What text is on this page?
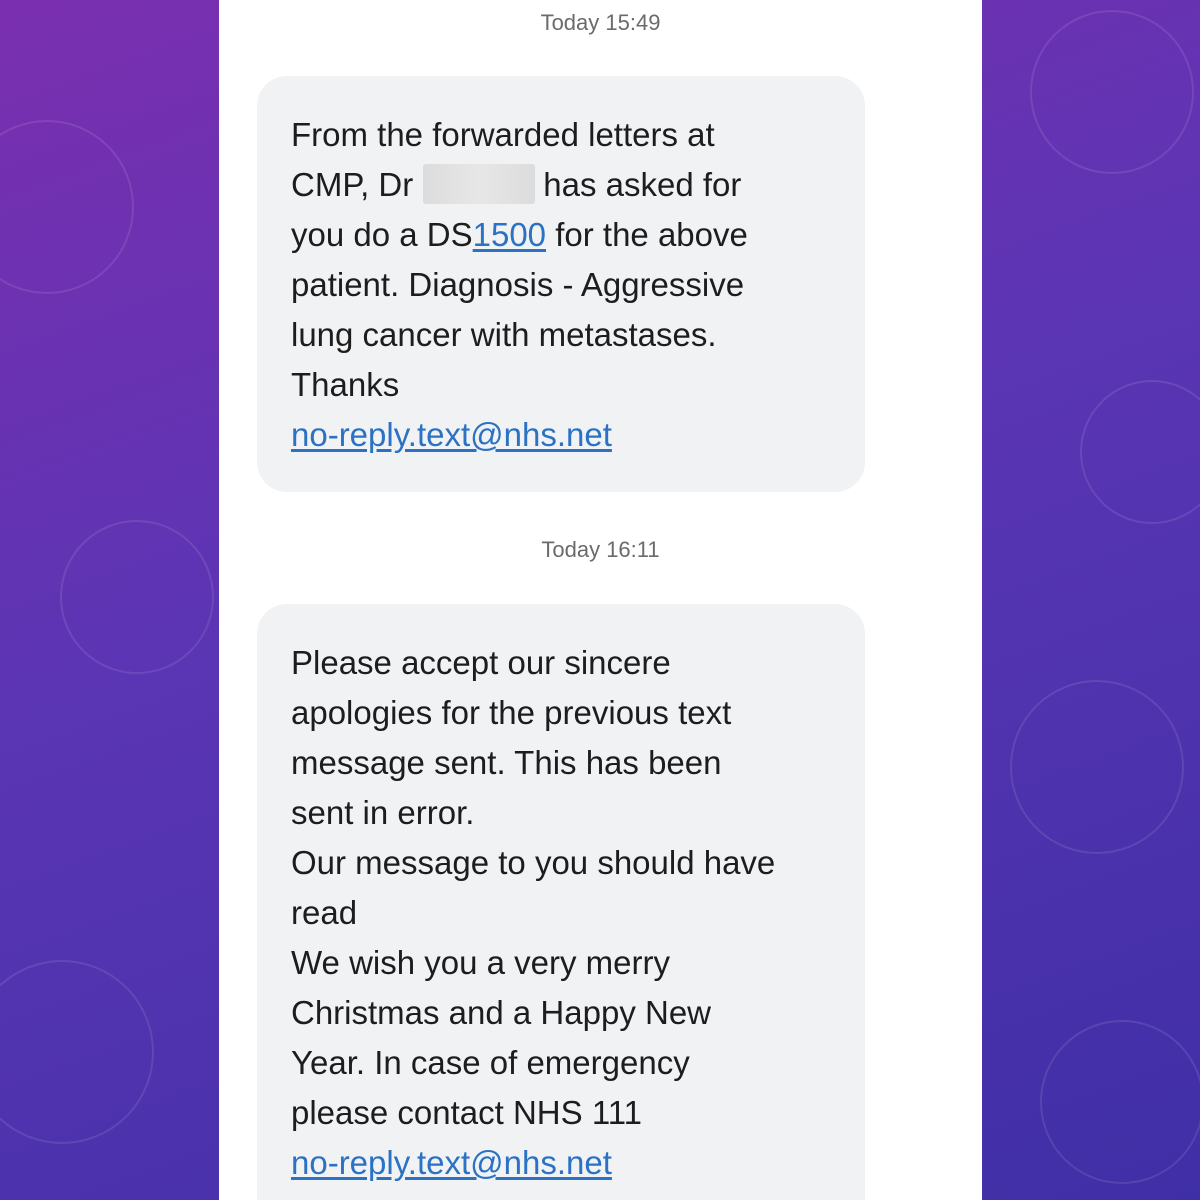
Today 15:49
From the forwarded letters at
CMP, Dr	has asked for
you do a DS1500 for the above
patient. Diagnosis - Aggressive
lung cancer with metastases.
Thanks
no-reply.text@nhs.net
Today 16:11
Please accept our sincere
apologies for the previous text
message sent. This has been
sent in error.
Our message to you should have
read
We wish you a very merry
Christmas and a Happy New
Year. In case of emergency
please contact NHS 111
no-reply.text@nhs.net
